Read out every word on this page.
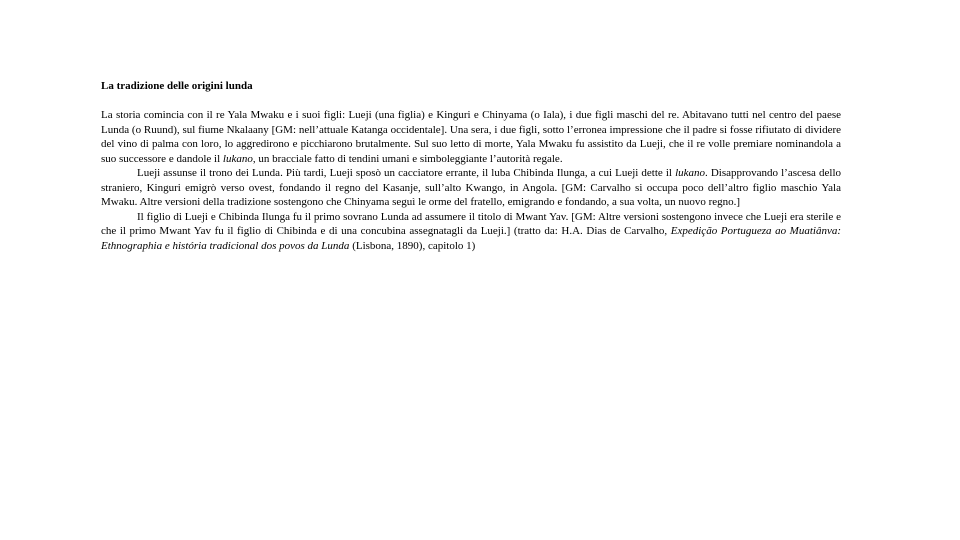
La tradizione delle origini lunda

La storia comincia con il re Yala Mwaku e i suoi figli: Lueji (una figlia) e Kinguri e Chinyama (o Iala), i due figli maschi del re. Abitavano tutti nel centro del paese Lunda (o Ruund), sul fiume Nkalaany [GM: nell’attuale Katanga occidentale]. Una sera, i due figli, sotto l’erronea impressione che il padre si fosse rifiutato di dividere del vino di palma con loro, lo aggredirono e picchiarono brutalmente. Sul suo letto di morte, Yala Mwaku fu assistito da Lueji, che il re volle premiare nominandola a suo successore e dandole il lukano, un bracciale fatto di tendini umani e simboleggiante l’autorità regale.

Lueji assunse il trono dei Lunda. Più tardi, Lueji sposò un cacciatore errante, il luba Chibinda Ilunga, a cui Lueji dette il lukano. Disapprovando l’ascesa dello straniero, Kinguri emigrò verso ovest, fondando il regno del Kasanje, sull’alto Kwango, in Angola. [GM: Carvalho si occupa poco dell’altro figlio maschio Yala Mwaku. Altre versioni della tradizione sostengono che Chinyama seguì le orme del fratello, emigrando e fondando, a sua volta, un nuovo regno.]

Il figlio di Lueji e Chibinda Ilunga fu il primo sovrano Lunda ad assumere il titolo di Mwant Yav. [GM: Altre versioni sostengono invece che Lueji era sterile e che il primo Mwant Yav fu il figlio di Chibinda e di una concubina assegnatagli da Lueji.] (tratto da: H.A. Dias de Carvalho, Expedição Portugueza ao Muatiânva: Ethnographia e história tradicional dos povos da Lunda (Lisbona, 1890), capitolo 1)
